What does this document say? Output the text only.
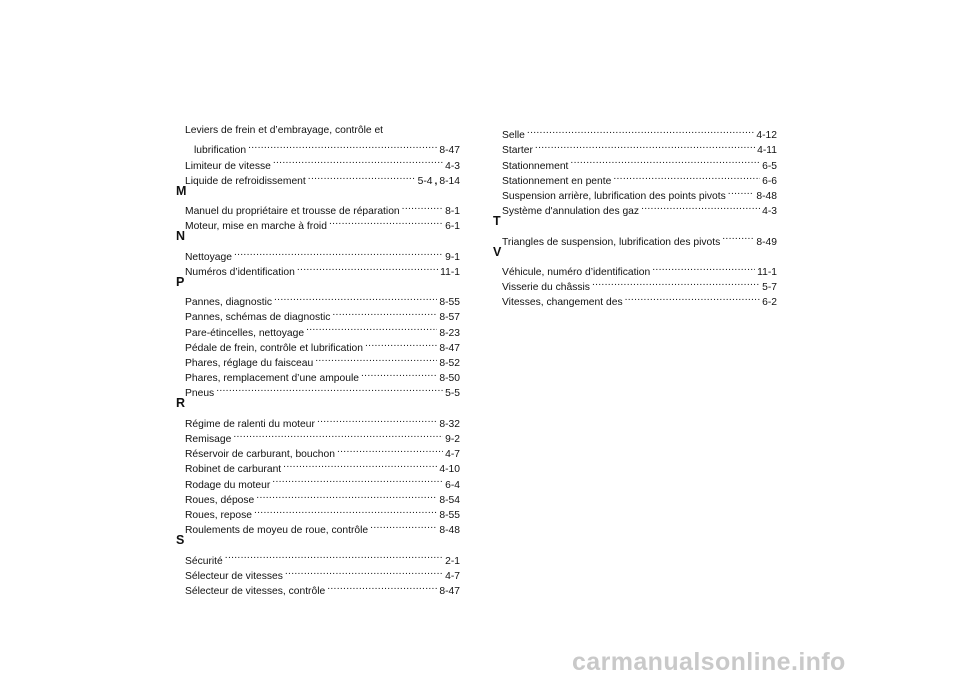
Leviers de frein et d’embrayage, contrôle et
lubrification .....	8-47
Limiteur de vitesse .....	4-3
Liquide de refroidissement .....	5-4 , 8-14
M
Manuel du propriétaire et trousse de réparation .....	8-1
Moteur, mise en marche à froid .....	6-1
N
Nettoyage .....	9-1
Numéros d’identification .....	11-1
P
Pannes, diagnostic .....	8-55
Pannes, schémas de diagnostic .....	8-57
Pare-étincelles, nettoyage .....	8-23
Pédale de frein, contrôle et lubrification .....	8-47
Phares, réglage du faisceau .....	8-52
Phares, remplacement d’une ampoule .....	8-50
Pneus .....	5-5
R
Régime de ralenti du moteur .....	8-32
Remisage .....	9-2
Réservoir de carburant, bouchon .....	4-7
Robinet de carburant .....	4-10
Rodage du moteur .....	6-4
Roues, dépose .....	8-54
Roues, repose .....	8-55
Roulements de moyeu de roue, contrôle .....	8-48
S
Sécurité .....	2-1
Sélecteur de vitesses .....	4-7
Sélecteur de vitesses, contrôle .....	8-47
Selle .....	4-12
Starter .....	4-11
Stationnement .....	6-5
Stationnement en pente .....	6-6
Suspension arrière, lubrification des points pivots .....	8-48
Système d'annulation des gaz .....	4-3
T
Triangles de suspension, lubrification des pivots .....	8-49
V
Véhicule, numéro d’identification .....	11-1
Visserie du châssis .....	5-7
Vitesses, changement des .....	6-2
carmanualsonline.info
